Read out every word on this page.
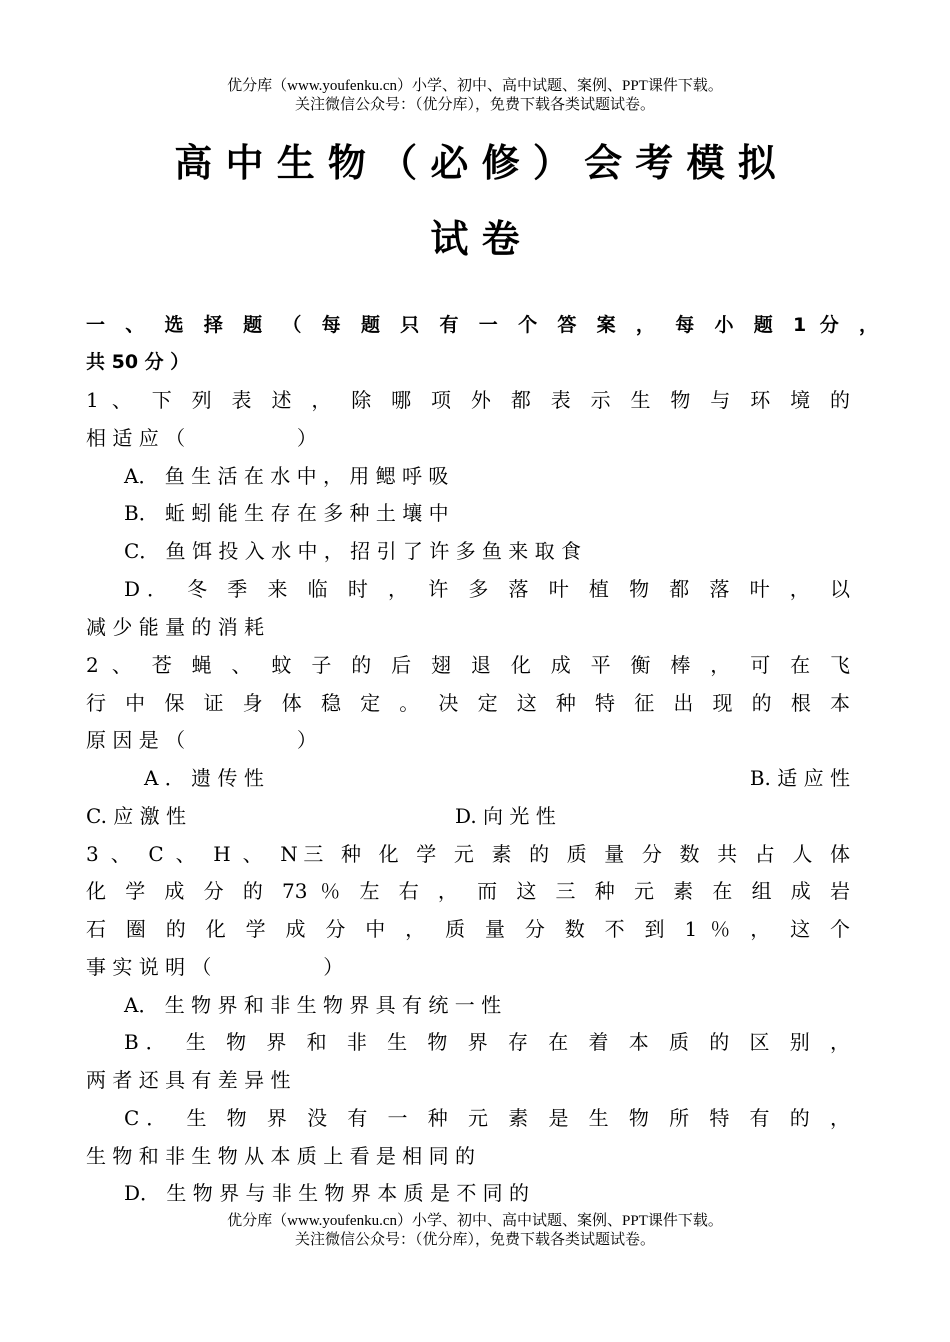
优分库（www.youfenku.cn）小学、初中、高中试题、案例、PPT课件下载。
关注微信公众号：（优分库），免费下载各类试题试卷。
高 中 生 物 （ 必 修 ） 会 考 模 拟
试 卷
一 、 选 择 题 （ 每 题 只 有 一 个 答 案 ， 每 小 题 1 分 ，
共 50 分 ）
1 、 下 列 表 述 ， 除 哪 项 外 都 表 示 生 物 与 环 境 的
相 适 应 （ 　 　 　 　 ）
A． 鱼 生 活 在 水 中 ， 用 鳃 呼 吸
B． 蚯 蚓 能 生 存 在 多 种 土 壤 中
C． 鱼 饵 投 入 水 中 ， 招 引 了 许 多 鱼 来 取 食
D． 冬 季 来 临 时 ， 许 多 落 叶 植 物 都 落 叶 ， 以
减 少 能 量 的 消 耗
2 、 苍 蝇 、 蚊 子 的 后 翅 退 化 成 平 衡 棒 ， 可 在 飞
行 中 保 证 身 体 稳 定 。 决 定 这 种 特 征 出 现 的 根 本
原 因 是 （ 　 　 　 　 ）
A ． 遗 传 性	B. 适 应 性
C. 应 激 性	D. 向 光 性
3 、 C 、 H 、 N三 种 化 学 元 素 的 质 量 分 数 共 占 人 体
化 学 成 分 的 73 ％ 左 右 ， 而 这 三 种 元 素 在 组 成 岩
石 圈 的 化 学 成 分 中 ， 质 量 分 数 不 到 1 ％ ， 这 个
事 实 说 明 （ 　 　 　 　 ）
A． 生 物 界 和 非 生 物 界 具 有 统 一 性
B． 生 物 界 和 非 生 物 界 存 在 着 本 质 的 区 别 ，
两 者 还 具 有 差 异 性
C． 生 物 界 没 有 一 种 元 素 是 生 物 所 特 有 的 ，
生 物 和 非 生 物 从 本 质 上 看 是 相 同 的
D． 生 物 界 与 非 生 物 界 本 质 是 不 同 的
优分库（www.youfenku.cn）小学、初中、高中试题、案例、PPT课件下载。
关注微信公众号：（优分库），免费下载各类试题试卷。
